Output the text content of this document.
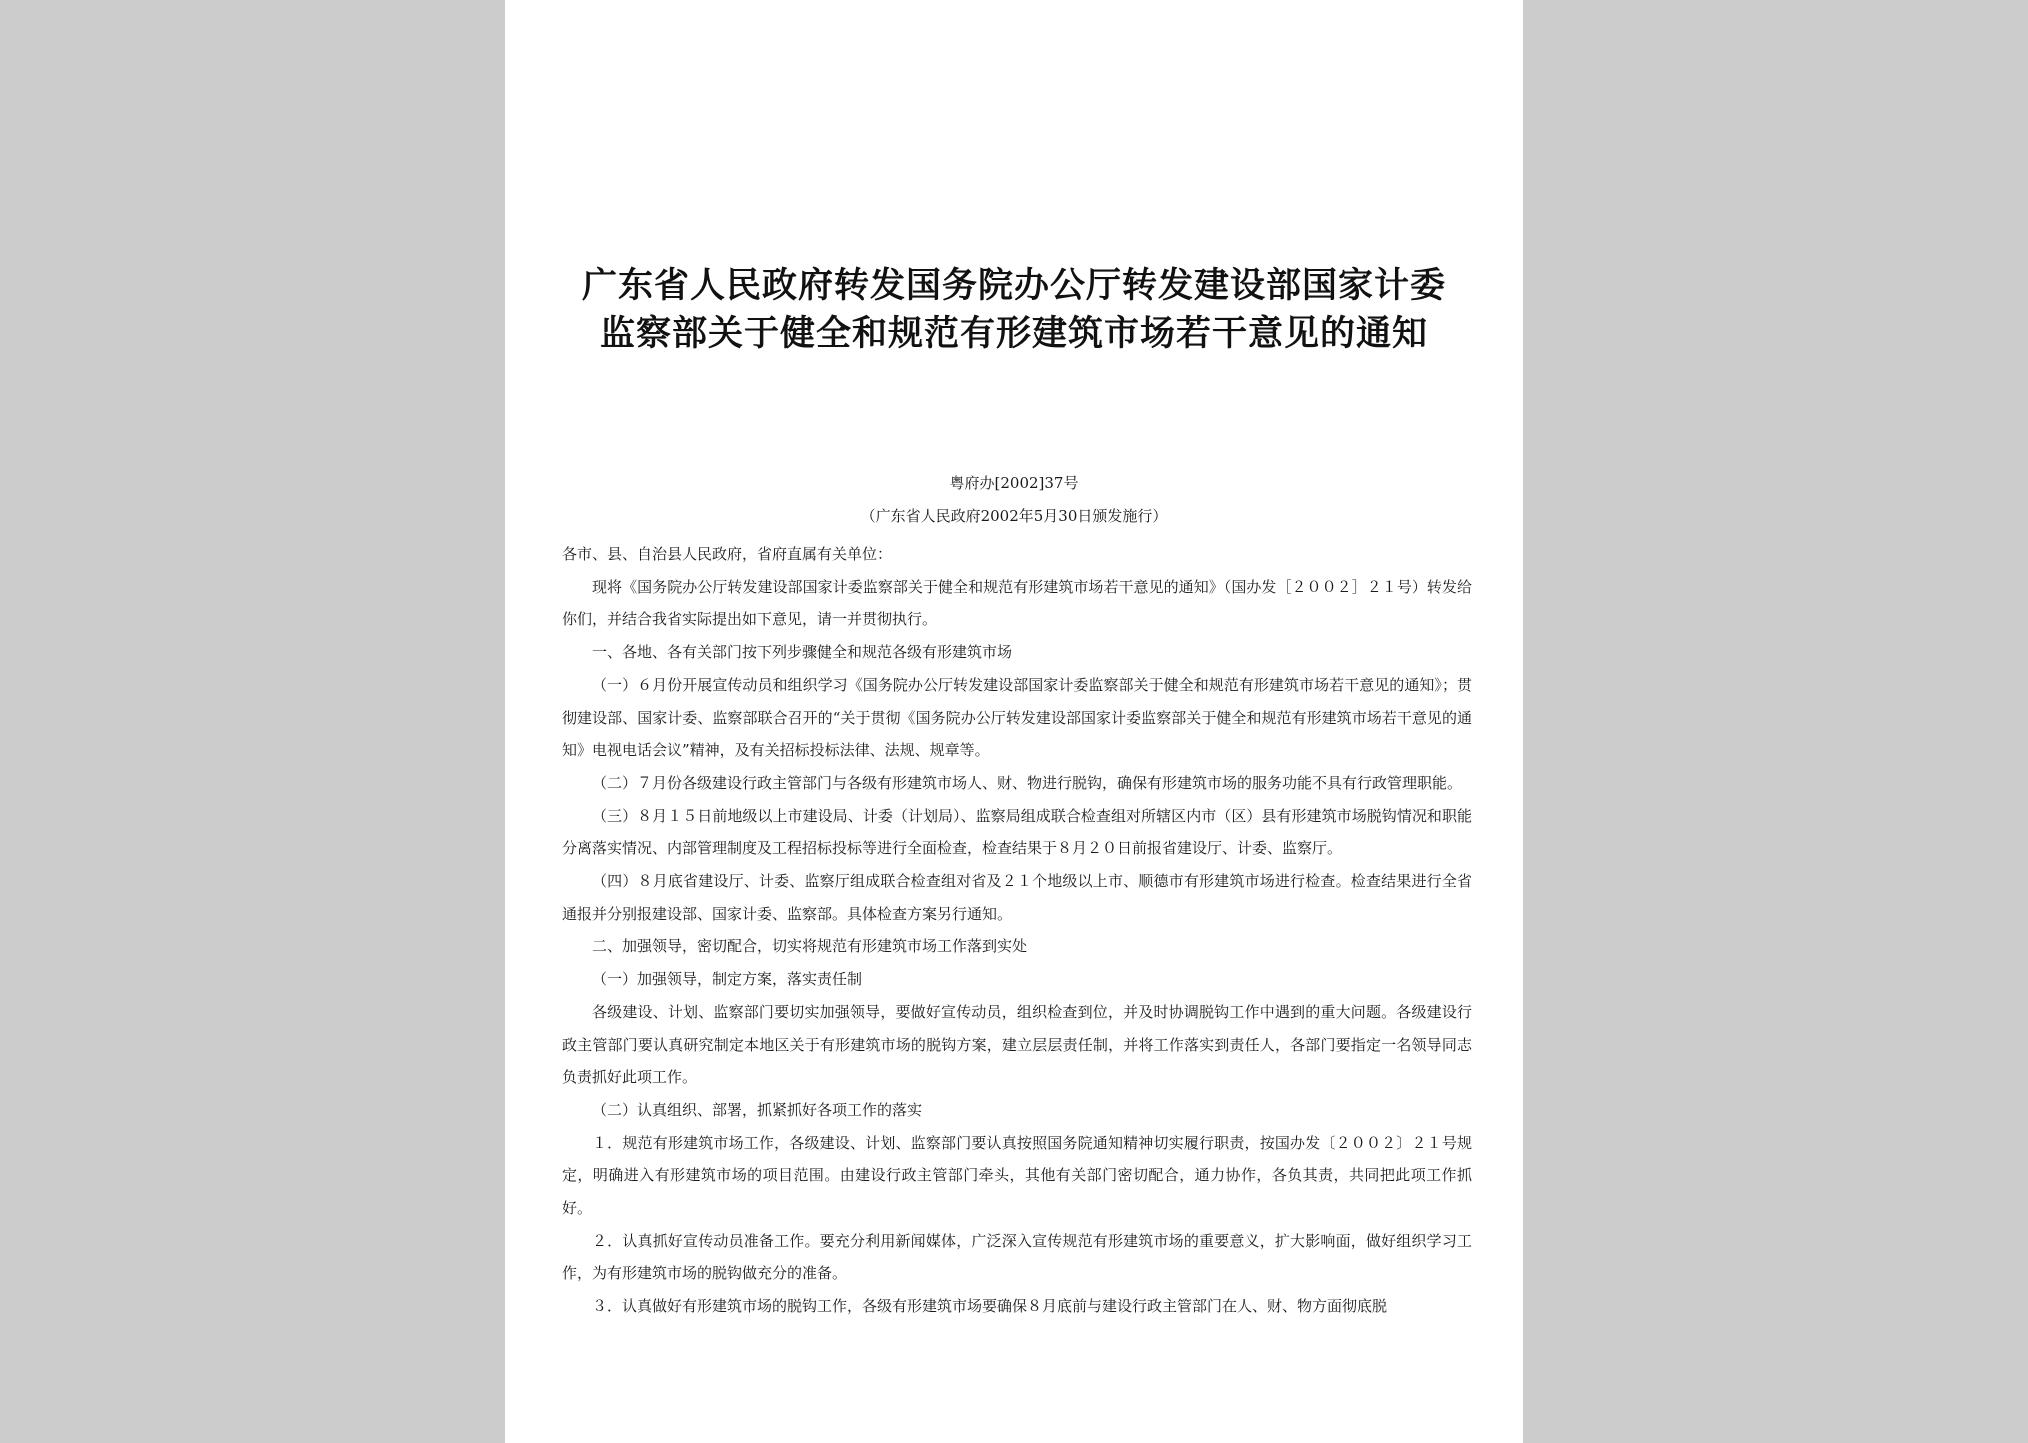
广东省人民政府转发国务院办公厅转发建设部国家计委
监察部关于健全和规范有形建筑市场若干意见的通知
粤府办[2002]37号
（广东省人民政府2002年5月30日颁发施行）

各市、县、自治县人民政府，省府直属有关单位：

现将《国务院办公厅转发建设部国家计委监察部关于健全和规范有形建筑市场若干意见的通知》（国办发［２００２］２１号）转发给你们，并结合我省实际提出如下意见，请一并贯彻执行。

一、各地、各有关部门按下列步骤健全和规范各级有形建筑市场

（一）６月份开展宣传动员和组织学习《国务院办公厅转发建设部国家计委监察部关于健全和规范有形建筑市场若干意见的通知》；贯彻建设部、国家计委、监察部联合召开的“关于贯彻《国务院办公厅转发建设部国家计委监察部关于健全和规范有形建筑市场若干意见的通知》电视电话会议”精神，及有关招标投标法律、法规、规章等。

（二）７月份各级建设行政主管部门与各级有形建筑市场人、财、物进行脱钩，确保有形建筑市场的服务功能不具有行政管理职能。

（三）８月１５日前地级以上市建设局、计委（计划局）、监察局组成联合检查组对所辖区内市（区）县有形建筑市场脱钩情况和职能分离落实情况、内部管理制度及工程招标投标等进行全面检查，检查结果于８月２０日前报省建设厅、计委、监察厅。

（四）８月底省建设厅、计委、监察厅组成联合检查组对省及２１个地级以上市、顺德市有形建筑市场进行检查。检查结果进行全省通报并分别报建设部、国家计委、监察部。具体检查方案另行通知。

二、加强领导，密切配合，切实将规范有形建筑市场工作落到实处

（一）加强领导，制定方案，落实责任制

各级建设、计划、监察部门要切实加强领导，要做好宣传动员，组织检查到位，并及时协调脱钩工作中遇到的重大问题。各级建设行政主管部门要认真研究制定本地区关于有形建筑市场的脱钩方案，建立层层责任制，并将工作落实到责任人，各部门要指定一名领导同志负责抓好此项工作。

（二）认真组织、部署，抓紧抓好各项工作的落实

１．规范有形建筑市场工作，各级建设、计划、监察部门要认真按照国务院通知精神切实履行职责，按国办发〔２００２〕２１号规定，明确进入有形建筑市场的项目范围。由建设行政主管部门牵头，其他有关部门密切配合，通力协作，各负其责，共同把此项工作抓好。

２．认真抓好宣传动员准备工作。要充分利用新闻媒体，广泛深入宣传规范有形建筑市场的重要意义，扩大影响面，做好组织学习工作，为有形建筑市场的脱钩做充分的准备。

３．认真做好有形建筑市场的脱钩工作，各级有形建筑市场要确保８月底前与建设行政主管部门在人、财、物方面彻底脱
